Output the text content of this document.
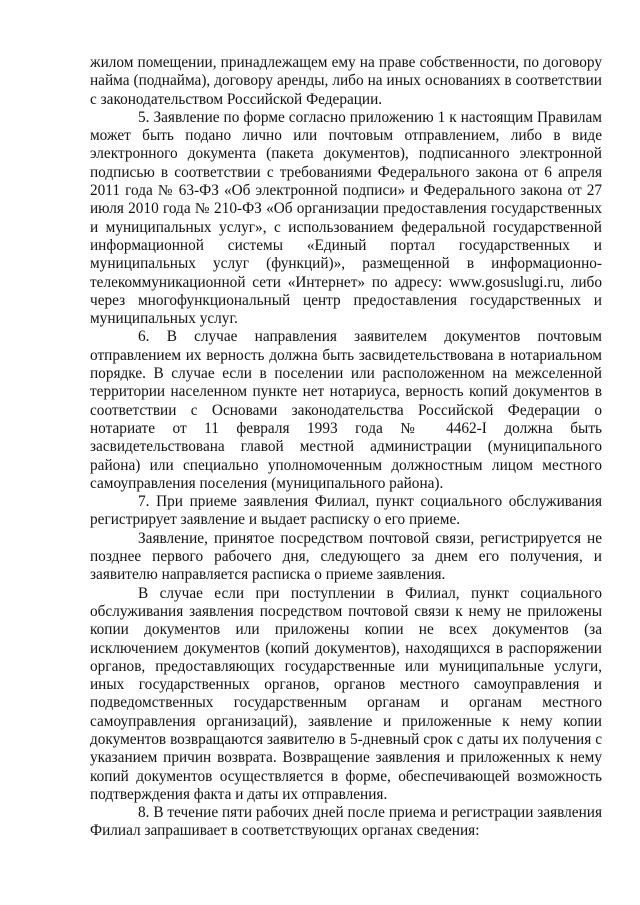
жилом помещении, принадлежащем ему на праве собственности, по договору найма (поднайма), договору аренды, либо на иных основаниях в соответствии с законодательством Российской Федерации.

5. Заявление по форме согласно приложению 1 к настоящим Правилам может быть подано лично или почтовым отправлением, либо в виде электронного документа (пакета документов), подписанного электронной подписью в соответствии с требованиями Федерального закона от 6 апреля 2011 года № 63-ФЗ «Об электронной подписи» и Федерального закона от 27 июля 2010 года № 210-ФЗ «Об организации предоставления государственных и муниципальных услуг», с использованием федеральной государственной информационной системы «Единый портал государственных и муниципальных услуг (функций)», размещенной в информационно-телекоммуникационной сети «Интернет» по адресу: www.gosuslugi.ru, либо через многофункциональный центр предоставления государственных и муниципальных услуг.

6. В случае направления заявителем документов почтовым отправлением их верность должна быть засвидетельствована в нотариальном порядке. В случае если в поселении или расположенном на межселенной территории населенном пункте нет нотариуса, верность копий документов в соответствии с Основами законодательства Российской Федерации о нотариате от 11 февраля 1993 года № 4462-I должна быть засвидетельствована главой местной администрации (муниципального района) или специально уполномоченным должностным лицом местного самоуправления поселения (муниципального района).

7. При приеме заявления Филиал, пункт социального обслуживания регистрирует заявление и выдает расписку о его приеме.

Заявление, принятое посредством почтовой связи, регистрируется не позднее первого рабочего дня, следующего за днем его получения, и заявителю направляется расписка о приеме заявления.

В случае если при поступлении в Филиал, пункт социального обслуживания заявления посредством почтовой связи к нему не приложены копии документов или приложены копии не всех документов (за исключением документов (копий документов), находящихся в распоряжении органов, предоставляющих государственные или муниципальные услуги, иных государственных органов, органов местного самоуправления и подведомственных государственным органам и органам местного самоуправления организаций), заявление и приложенные к нему копии документов возвращаются заявителю в 5-дневный срок с даты их получения с указанием причин возврата. Возвращение заявления и приложенных к нему копий документов осуществляется в форме, обеспечивающей возможность подтверждения факта и даты их отправления.

8. В течение пяти рабочих дней после приема и регистрации заявления Филиал запрашивает в соответствующих органах сведения:
